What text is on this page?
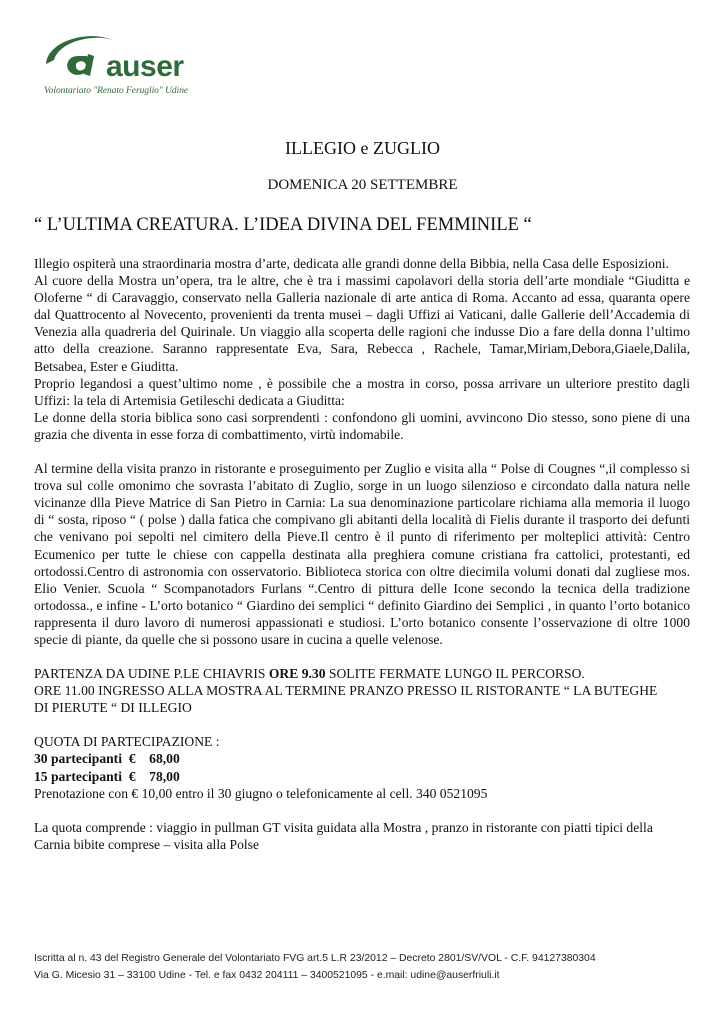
auser
Volontariato "Renato Feruglio" Udine
ILLEGIO e ZUGLIO
DOMENICA 20 SETTEMBRE
“ L’ULTIMA CREATURA. L’IDEA DIVINA DEL FEMMINILE “

Illegio ospiterà una straordinaria mostra d’arte, dedicata alle grandi donne della Bibbia, nella Casa delle Esposizioni.

Al cuore della Mostra un’opera, tra le altre, che è tra i massimi capolavori della storia dell’arte mondiale “Giuditta e Oloferne “ di Caravaggio, conservato nella Galleria nazionale di arte antica di Roma. Accanto ad essa, quaranta opere dal Quattrocento al Novecento, provenienti da trenta musei – dagli Uffizi ai Vaticani, dalle Gallerie dell’Accademia di Venezia alla quadreria del Quirinale. Un viaggio alla scoperta delle ragioni che indusse Dio a fare della donna l’ultimo atto della creazione. Saranno rappresentate Eva, Sara, Rebecca , Rachele, Tamar,Miriam,Debora,Giaele,Dalila, Betsabea, Ester e Giuditta.

Proprio legandosi a quest’ultimo nome , è possibile che a mostra in corso, possa arrivare un ulteriore prestito dagli Uffizi: la tela di Artemisia Getileschi dedicata a Giuditta:

Le donne della storia biblica sono casi sorprendenti : confondono gli uomini, avvincono Dio stesso, sono piene di una grazia che diventa in esse forza di combattimento, virtù indomabile.

Al termine della visita pranzo in ristorante e proseguimento per Zuglio e visita alla “ Polse di Cougnes “,il complesso si trova sul colle omonimo che sovrasta l’abitato di Zuglio, sorge in un luogo silenzioso e circondato dalla natura nelle vicinanze dlla Pieve Matrice di San Pietro in Carnia: La sua denominazione particolare richiama alla memoria il luogo di “ sosta, riposo “ ( polse ) dalla fatica che compivano gli abitanti della località di Fielis durante il trasporto dei defunti che venivano poi sepolti nel cimitero della Pieve.Il centro è il punto di riferimento per molteplici attività: Centro Ecumenico per tutte le chiese con cappella destinata alla preghiera comune cristiana fra cattolici, protestanti, ed ortodossi.Centro di astronomia con osservatorio. Biblioteca storica con oltre diecimila volumi donati dal zugliese mos. Elio Venier. Scuola “ Scompanotadors Furlans “.Centro di pittura delle Icone secondo la tecnica della tradizione ortodossa., e infine - L’orto botanico “ Giardino dei semplici “ definito Giardino dei Semplici , in quanto l’orto botanico rappresenta il duro lavoro di numerosi appassionati e studiosi. L’orto botanico consente l’osservazione di oltre 1000 specie di piante, da quelle che si possono usare in cucina a quelle velenose.

PARTENZA DA UDINE P.LE CHIAVRIS ORE 9.30 SOLITE FERMATE LUNGO IL PERCORSO.

ORE 11.00 INGRESSO ALLA MOSTRA AL TERMINE PRANZO PRESSO IL RISTORANTE “ LA BUTEGHE DI PIERUTE “ DI ILLEGIO

QUOTA DI PARTECIPAZIONE :

30 partecipanti  €    68,00

15 partecipanti  €    78,00

Prenotazione con € 10,00 entro il 30 giugno o telefonicamente al cell. 340 0521095

La quota comprende : viaggio in pullman GT visita guidata alla Mostra , pranzo in ristorante con piatti tipici della Carnia bibite comprese – visita alla Polse

Iscritta al n. 43 del Registro Generale del Volontariato FVG art.5 L.R 23/2012 – Decreto 2801/SV/VOL - C.F. 94127380304
Via G. Micesio 31 – 33100 Udine - Tel. e fax 0432 204111 – 3400521095 - e.mail: udine@auserfriuli.it
